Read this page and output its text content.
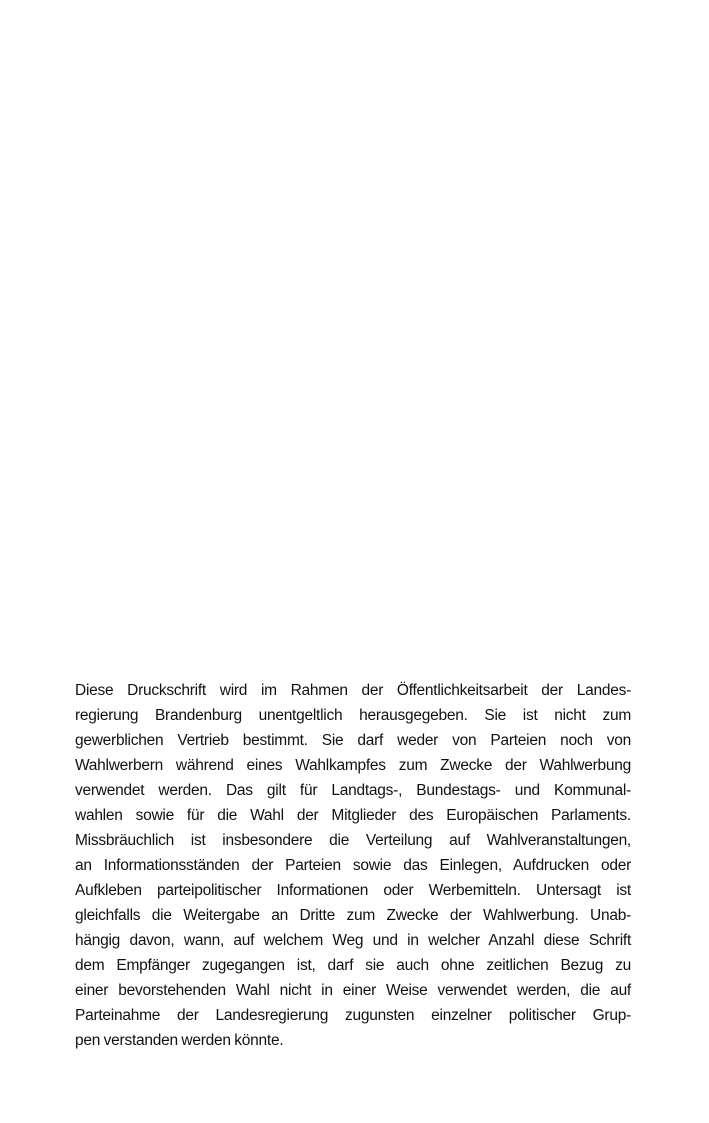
Diese Druckschrift wird im Rahmen der Öffentlichkeitsarbeit der Landes-
regierung Brandenburg unentgeltlich herausgegeben. Sie ist nicht zum
gewerblichen Vertrieb bestimmt. Sie darf weder von Parteien noch von
Wahlwerbern während eines Wahlkampfes zum Zwecke der Wahlwerbung
verwendet werden. Das gilt für Landtags-, Bundestags- und Kommunal-
wahlen sowie für die Wahl der Mitglieder des Europäischen Parlaments.
Missbräuchlich ist insbesondere die Verteilung auf Wahlveranstaltungen,
an Informationsständen der Parteien sowie das Einlegen, Aufdrucken oder
Aufkleben parteipolitischer Informationen oder Werbemitteln. Untersagt ist
gleichfalls die Weitergabe an Dritte zum Zwecke der Wahlwerbung. Unab-
hängig davon, wann, auf welchem Weg und in welcher Anzahl diese Schrift
dem Empfänger zugegangen ist, darf sie auch ohne zeitlichen Bezug zu
einer bevorstehenden Wahl nicht in einer Weise verwendet werden, die auf
Parteinahme der Landesregierung zugunsten einzelner politischer Grup-
pen verstanden werden könnte.
